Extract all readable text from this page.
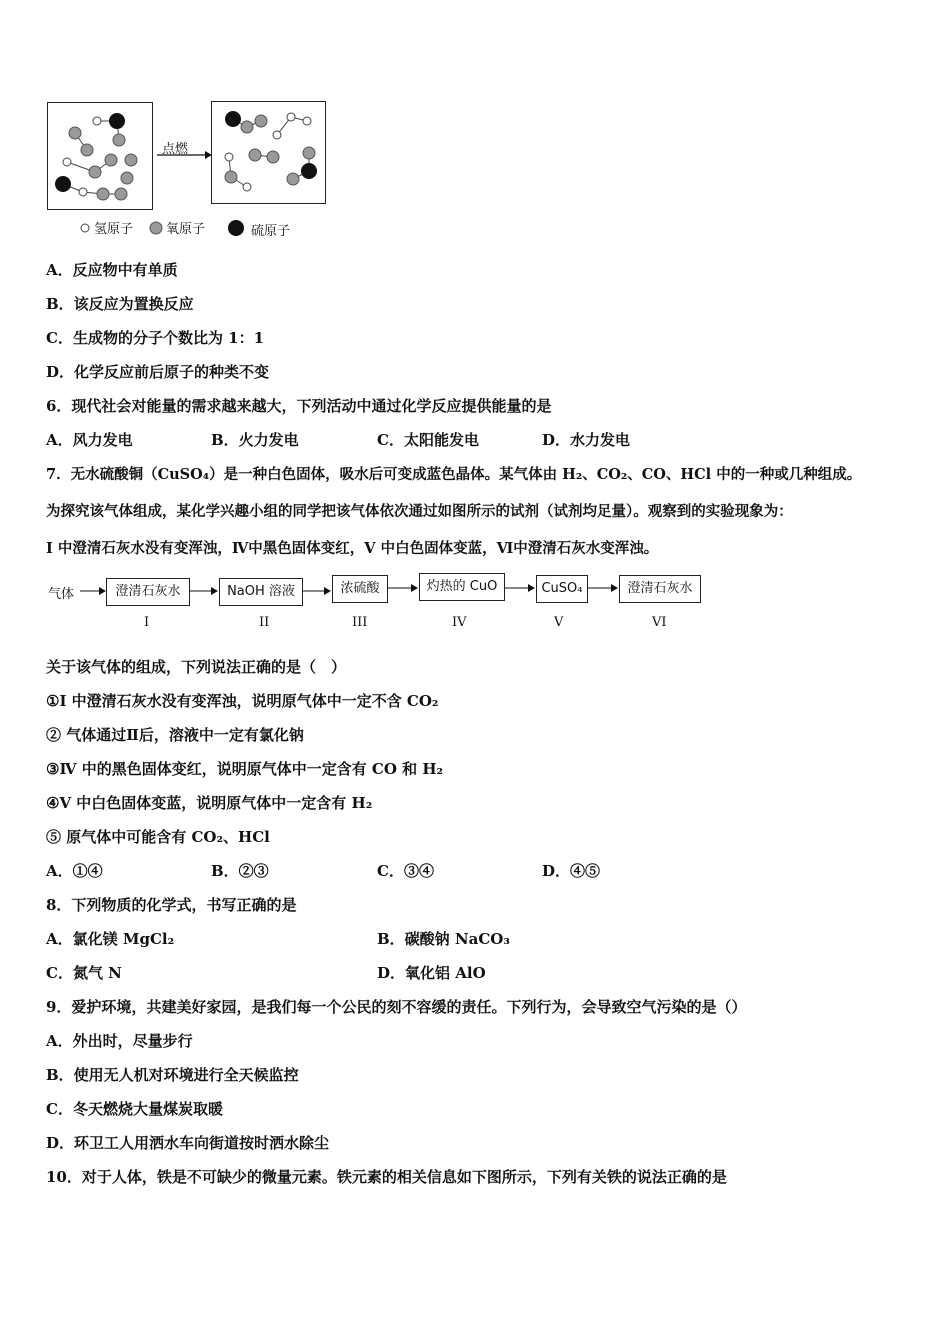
点燃
氢原子	氧原子	硫原子
A．反应物中有单质
B．该反应为置换反应
C．生成物的分子个数比为 1：1
D．化学反应前后原子的种类不变
6．现代社会对能量的需求越来越大，下列活动中通过化学反应提供能量的是
A．风力发电	B．火力发电	C．太阳能发电	D．水力发电
7．无水硫酸铜（CuSO₄）是一种白色固体，吸水后可变成蓝色晶体。某气体由 H₂、CO₂、CO、HCl 中的一种或几种组成。
为探究该气体组成，某化学兴趣小组的同学把该气体依次通过如图所示的试剂（试剂均足量）。观察到的实验现象为：
I 中澄清石灰水没有变浑浊，Ⅳ中黑色固体变红，V 中白色固体变蓝，Ⅵ中澄清石灰水变浑浊。
气体	澄清石灰水	NaOH 溶液	浓硫酸	灼热的 CuO	CuSO₄	澄清石灰水
I	II	III	IV	V	VI
关于该气体的组成，下列说法正确的是（　）
①I 中澄清石灰水没有变浑浊，说明原气体中一定不含 CO₂
② 气体通过Ⅱ后，溶液中一定有氯化钠
③Ⅳ 中的黑色固体变红，说明原气体中一定含有 CO 和 H₂
④V 中白色固体变蓝，说明原气体中一定含有 H₂
⑤ 原气体中可能含有 CO₂、HCl
A．①④	B．②③	C．③④	D．④⑤
8．下列物质的化学式，书写正确的是
A．氯化镁 MgCl₂	B．碳酸钠 NaCO₃
C．氮气 N	D．氧化铝 AlO
9．爱护环境，共建美好家园，是我们每一个公民的刻不容缓的责任。下列行为，会导致空气污染的是（）
A．外出时，尽量步行
B．使用无人机对环境进行全天候监控
C．冬天燃烧大量煤炭取暖
D．环卫工人用洒水车向街道按时洒水除尘
10．对于人体，铁是不可缺少的微量元素。铁元素的相关信息如下图所示，下列有关铁的说法正确的是
